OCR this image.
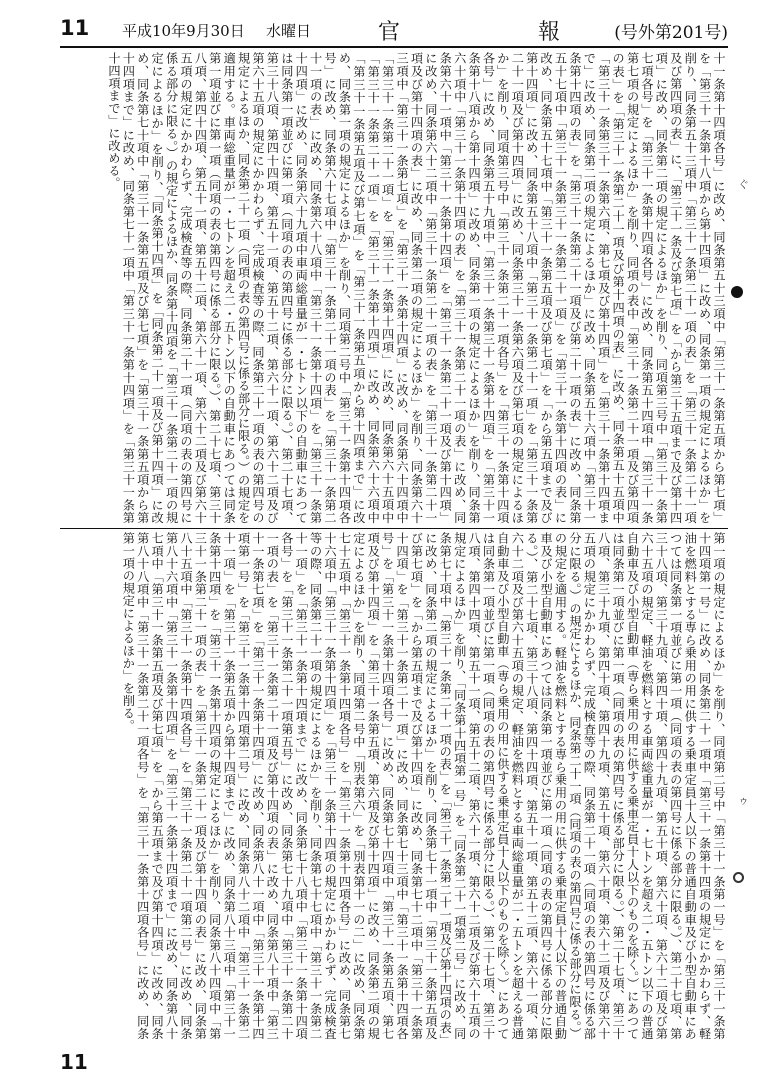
11 平成10年9月30日 水曜日	官　報
(号外第201号)
十一条第十四項各号」に改め、同条第五十三項中「第三十一条第五項から第七項」を「第三十一条第十八項から第十四項」に改め、同条第一項の規定によるほか」を削り、同条第五十三項中「第三十一条第二十一項の表」を「第三十一条第二十一項及び第四項の表」に、「第三十一条及び第七項」を「から第三十五項まで及び第十四項」に改め、同条第二項の規定によるほか」を削り、同項第三号中「第三十一条第七項各号」を「第三十一条第十四項各号」に改め、同条第五十四項中「第三十一条第七項の規定によるほか」を削り、同項の表中「第三十一条第二十一項及び第四項の表」を「第三十一条第二十一項及び第十四項の表」に改め、同条第五十五項中「第三十一条第三十一条第六項、第七項及び第十四項」を「第三十一条第十四項まで」に改め、同条第二項の規定によるほか」に改め、同条第五十六項中「第三十一条第十四項の表」を「第三十一条第二十一項及び第二十一項の表」に改め、同条第五十七項中「第三十一条第三十一条第二十一項」を「第三十一条第十四項の表」に改め、同条第五十七項中「第三十一条第五項及び第七項」を「から第五項まで及び第十四項」に改め、同条第五十八項中「第三十一条第二十一項」を「第三十一条第二十一項及び第十四項」に改め、同条第三十一条第六項及び第七項の規定によるほか」を削り、同項第三号中「第三十一条第二十一項各号」を「第三十一条第十四項各号」に改め、同条第五十九項中「第三十一条第三十一条第十四項」を「第三十一条第十八項から第十四項」に改め、同条第一項の規定によるほか」を削り、同条第六十項中「第三十一条第十四項の表」を「第三十一条第二十一項の表」に改め、同条第六十一項中「第三十一条第十四項」を「第三十一条第二十一項及び第十四項」に改め、同条第六十二項中「第三十一条第二十一項の表」を「第三十一条第二十一項及び第十四項の表」に改め、同条第二項の規定によるほか」を削り、同条第六十三項中「第三十一条第七項」を「第三十一条第十四項」に改め、同条第六十四項中「第三十一条第二十一項」を「第三十一条第十四項」に改め、同条第六十五項中「第三十一条第二十一項」を「第三十一条第十四項」に改め、同条第六十六項中「第三十一条第五項及び第七項」を「第三十一条第五項から第十四項まで」に改め、同条第一項の規定によるほか」を削り、同項第二号中「第三十一条第十四項各号」に改め、同条第六十七項中「第三十一条第二十一項の表」を「第三十一条第二十一項の表」に改め、同条第六十八項中「第三十一条第十四項」を「第三十一条第十四項」に改め、同条第六十九項中車両総重量が一・七トン以下の自動車にあつては同条第一項並びに第一項（同項の表の第四号に係る部分に限る。）、第二十七項、第三十八項、第四十四項、第五十一項、第五十二項、第六十一項、第六十二項及び第六十五項の規定にかかわらず、完成検査等の際、同条第二十一項の表の第四号の規定によるほか、同条第二十一項（同項の表の第四号に係る部分に限る。）の規定を適用する。車両総重量が一・七トンを超え二・五トン以下の自動車にあつては同条第一項並びに第一項（同項の表の第四号に係る部分に限る。）、第二十七項、第三十八項、第四十四項、第五十一項、第五十二項、第六十一項、第六十二項及び第六十五項の規定にかかわらず、完成検査等の際、同条第二十一項（同項の表の第四号に係る部分に限る。）の規定によるほか、同条第十四項を「第三十一条第二十一項の規定によるほか」を削り、「同条第十四項」を「同条第二十一項及び第十四項」に改め、同条第七十項中「第三十一条第五項及び第七項」を「第三十一条第五項から第十四項まで」に改め、同条第七十一項中「第三十一条第十四項」を「第三十一条第十四項まで」に改める。
第一項の規定によるほか」を削り、同項第二号中「第三十一条第一号」を「第三十一条第十四項第一号」に改め、同条第二十一項中「第三十一条第十四項の規定にかかわらず、軽油を燃料とする専ら乗用の用に供する乗車定員十人以下の普通自動車及び小型自動車にあつては同条第一項並びに第一項（同項の表の第四号に係る部分に限る。）、第二十七項、第三十八項、第三十九項、第四十項、第四十九項、第五十項、第六十項、第六十二項及び第六十五項の規定、軽油を燃料とする車両総重量が一・七トンを超え二・五トン以下の普通自動車及び小型自動車（専ら乗用の用に供する乗車定員十人以下のものを除く。）にあつては同条第一項並びに第一項（同項の表の第四号に係る部分に限る。）、第二十七項、第三十八項、第三十九項、第四十項、第四十九項、第五十項、第六十項、第六十二項及び第六十五項の規定にかかわらず、完成検査等の際、同条第二十一項（同項の表の第四号に係る部分に限る。）の規定によるほか、同条第二十一項（同項の表の第四号に係る部分に限る。）の規定を適用する。軽油を燃料とする専ら乗用の用に供する乗車定員十人以下の普通自動車及び小型自動車にあつては同条第一項並びに第一項（同項の表の第四号に係る部分に限る。）、第二十七項、第三十八項、第四十四項、第五十一項、第五十二項、第六十一項、第六十二項及び第六十五項の規定、軽油を燃料とする車両総重量が二・五トンを超える普通自動車及び小型自動車（専ら乗用の用に供する乗車定員十人以下のものを除く。）にあつては同条第一項並びに第一項（同項の表の第四号に係る部分に限る。）、第二十七項、第三十八項、第四十四項、第五十一項、第五十二項、第六十一項、第六十二項及び第六十五項の規定によるほか」を削り、「同条第十四項第一号」を「同条第二十一項第二号」に改め、同条第七十項中「第三十一条第二十一項の表」を「第三十一条第二十一項及び第十四項の表」に改め、同条第二項の規定によるほか」を削り、同条第七十一項中「第三十一条第五項及び第七項」を「から第五項まで及び第十四項」に改め、同条第七十二項中「第三十一条第十四項」を「第三十一条第二十一項」に改め、同条第七十三項中「第三十一条第十四項各号」を「第三十一条第十四項各号」に改め、同条第七十四項中「第三十一条第五項、第七項及び第十四項」を「第三十一条第五項、第六項及び第十四項」に改め、同条第二項の規定によるほか」を削り、同項第二号中「別表第六」を「別表第十一の二」に改め、同条第七十五項中「第三十一条第十四項各号」を「第三十一条第十四項各号」に改め、同条第七十六項中「第三十一条第十四項」を「第三十一条第十四項の規定にかかわらず、完成検査等の際、同条第二十一項の規定によるほか」を削り、同条第七十七項中「第三十一条第二十一項」を「第三十一条第十四項まで」に改め、同条第七十八項中「第三十一条第十四項各号」を「第三十一条第二十一項第五号」に改め、同条第七十九項中「第三十一条第二十一項の表」を「第三十一条第二十一項及び第十四項の表」に改め、同条第八十項中「第三十一条第七項」を「第三十一条第十四項」に改め、同条第八十一項中「第三十一条第十四項第一号」を「第三十一条第十四項第二号」に改め、同条第八十二項中「第三十一条第二十一項」を「第三十一条第五項から第十四項まで」に改め、同条第八十三項中「第三十一条第十四項」を「第三十一条第十四項の規定によるほか」を削り、同条第八十四項中「第三十一条第二十一項の表」を「第三十一条第二十一項及び第十四項の表」に改め、同条第八十五項中「第三十一条第十四項各号」を「第三十一条第二十一項第二号」に改め、同条第八十六項中「第三十一条第十四項」を「第三十一条第十四項まで」に改め、同条第八十七項中「第三十一条第五項及び第七項」を「から第五項まで及び第十四項」に改め、同条第八十八項中「第三十一条第二十一項各号」を「第三十一条第十四項各号」に改め、同条第一項の規定によるほか」を削る。
11
ぐ
ゥ
